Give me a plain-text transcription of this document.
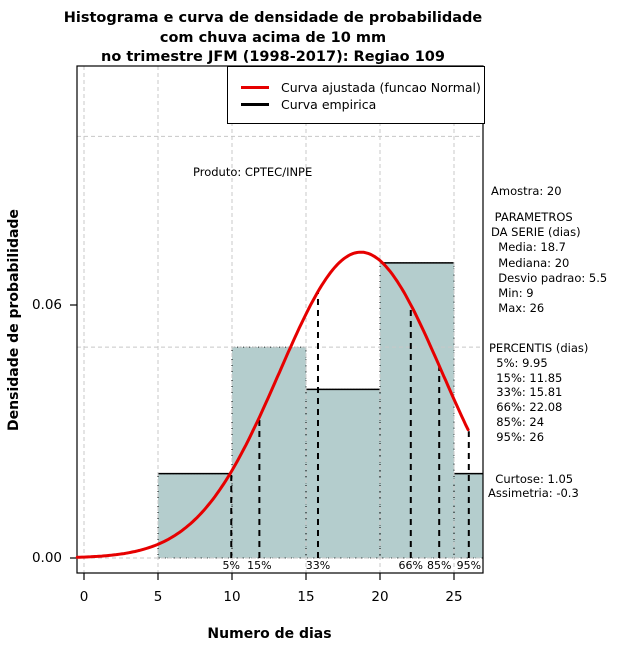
Histograma e curva de densidade de probabilidade
com chuva acima de 10 mm
no trimestre JFM (1998-2017): Regiao 109
Densidade de probabilidade
Numero de dias
Curva ajustada (funcao Normal)
Curva empirica
Produto: CPTEC/INPE
Amostra: 20
PARAMETROS
DA SERIE (dias)
Media: 18.7
Mediana: 20
Desvio padrao: 5.5
Min: 9
Max: 26
PERCENTIS (dias)
5%: 9.95
15%: 11.85
33%: 15.81
66%: 22.08
85%: 24
95%: 26
Curtose: 1.05
Assimetria: -0.3
0	5	10	15	20	25
0.00
0.06
5% 15%	33%	66% 85% 95%
